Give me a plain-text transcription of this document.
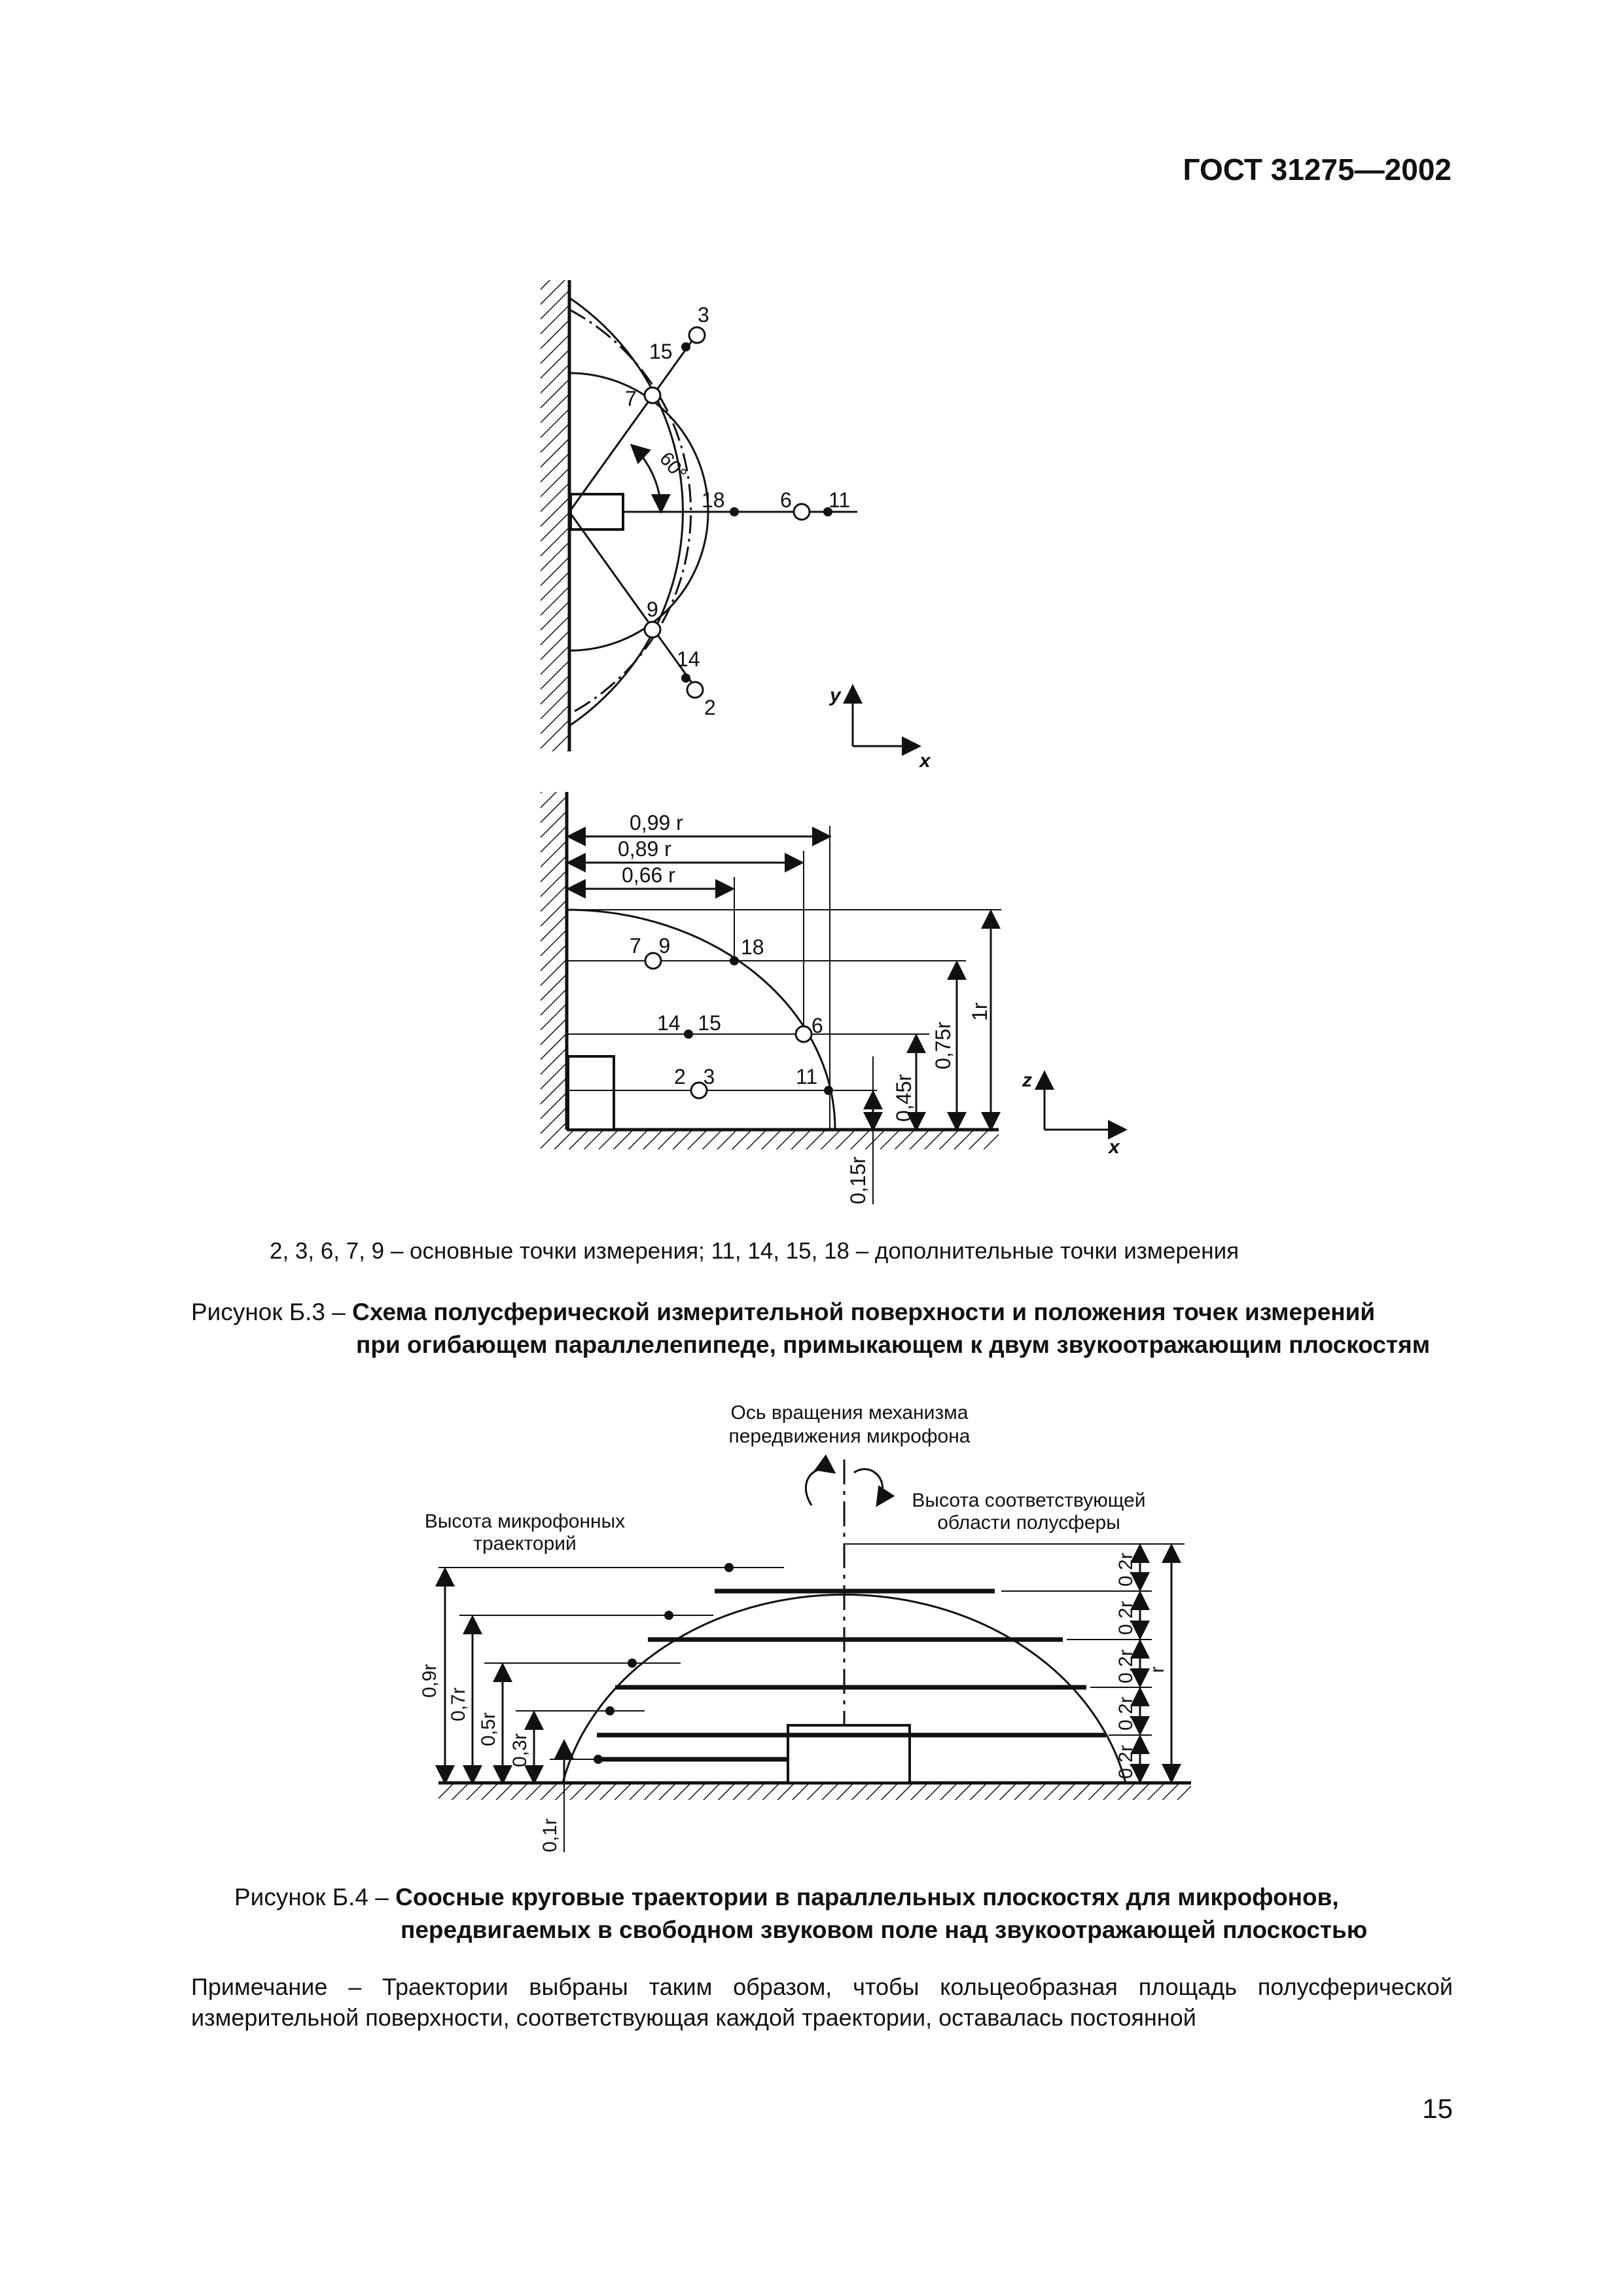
ГОСТ 31275—2002
3
15
7
60°
18	6 11
9
14
2
y
x
0,99 r
0,89 r
0,66 r
7   9	18
14   15	6
2   3	11
1r
0,75r
0,45r
0,15r
z
x
2, 3, 6, 7, 9 – основные точки измерения; 11, 14, 15, 18 – дополнительные точки измерения
Рисунок Б.3 – Схема полусферической измерительной поверхности и положения точек измерений
при огибающем параллелепипеде, примыкающем к двум звукоотражающим плоскостям
Ось вращения механизма
передвижения микрофона
Высота микрофонных
траекторий
Высота соответствующей
области полусферы
0,9r
0,7r
0,5r
0,3r
0,1r
0,2r
0,2r
0,2r
0,2r
0,2r
r
Рисунок Б.4 – Соосные круговые траектории в параллельных плоскостях для микрофонов,
передвигаемых в свободном звуковом поле над звукоотражающей плоскостью
Примечание – Траектории выбраны таким образом, чтобы кольцеобразная площадь полусферической измерительной поверхности, соответствующая каждой траектории, оставалась постоянной
15
